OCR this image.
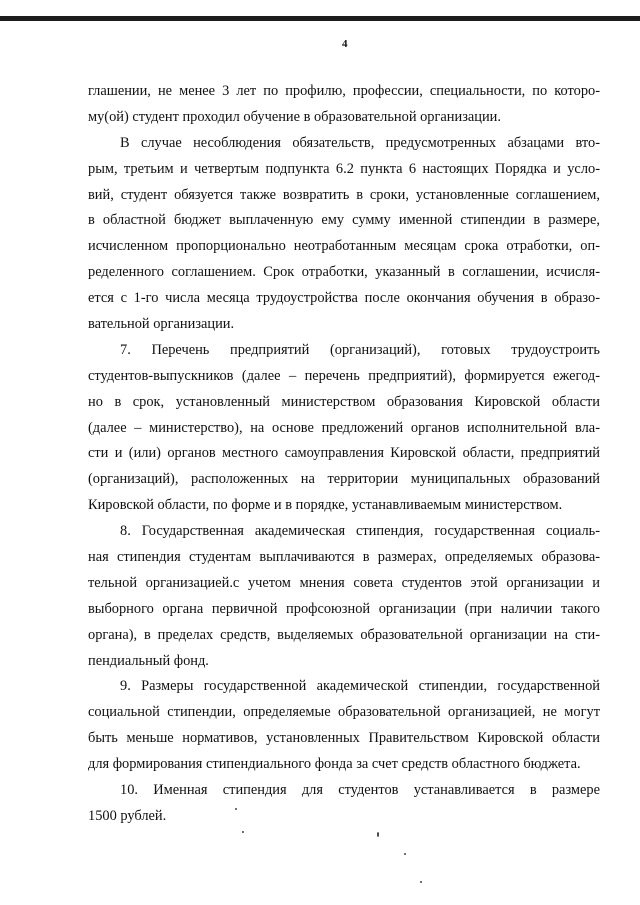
4
глашении, не менее 3 лет по профилю, профессии, специальности, по которо-
му(ой) студент проходил обучение в образовательной организации.
В случае несоблюдения обязательств, предусмотренных абзацами вто-
рым, третьим и четвертым подпункта 6.2 пункта 6 настоящих Порядка и усло-
вий, студент обязуется также возвратить в сроки, установленные соглашением,
в областной бюджет выплаченную ему сумму именной стипендии в размере,
исчисленном пропорционально неотработанным месяцам срока отработки, оп-
ределенного соглашением. Срок отработки, указанный в соглашении, исчисля-
ется с 1-го числа месяца трудоустройства после окончания обучения в образо-
вательной организации.
7. Перечень предприятий (организаций), готовых трудоустроить
студентов-выпускников (далее – перечень предприятий), формируется ежегод-
но в срок, установленный министерством образования Кировской области
(далее – министерство), на основе предложений органов исполнительной вла-
сти и (или) органов местного самоуправления Кировской области, предприятий
(организаций), расположенных на территории муниципальных образований
Кировской области, по форме и в порядке, устанавливаемым министерством.
8. Государственная академическая стипендия, государственная социаль-
ная стипендия студентам выплачиваются в размерах, определяемых образова-
тельной организацией.с учетом мнения совета студентов этой организации и
выборного органа первичной профсоюзной организации (при наличии такого
органа), в пределах средств, выделяемых образовательной организации на сти-
пендиальный фонд.
9. Размеры государственной академической стипендии, государственной
социальной стипендии, определяемые образовательной организацией, не могут
быть меньше нормативов, установленных Правительством Кировской области
для формирования стипендиального фонда за счет средств областного бюджета.
10. Именная стипендия для студентов устанавливается в размере
1500 рублей.
